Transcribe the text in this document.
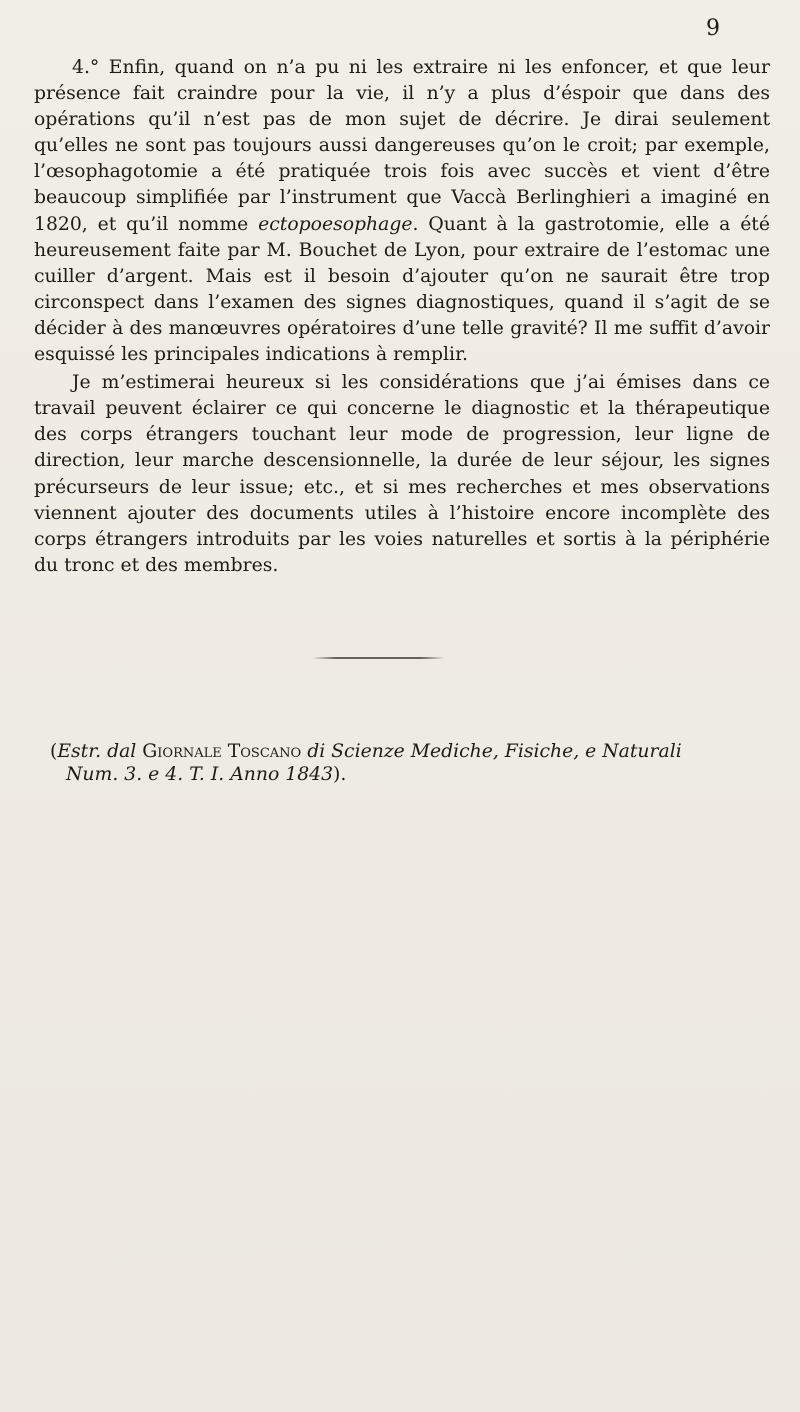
9

4.° Enfin, quand on n’a pu ni les extraire ni les enfoncer, et que leur présence fait craindre pour la vie, il n’y a plus d’éspoir que dans des opérations qu’il n’est pas de mon sujet de décrire. Je dirai seulement qu’elles ne sont pas toujours aussi dangereuses qu’on le croit; par exemple, l’œsophagotomie a été pratiquée trois fois avec succès et vient d’être beaucoup simplifiée par l’instrument que Vaccà Berlinghieri a imaginé en 1820, et qu’il nomme ectopoesophage. Quant à la gastrotomie, elle a été heureusement faite par M. Bouchet de Lyon, pour extraire de l’estomac une cuiller d’argent. Mais est il besoin d’ajouter qu’on ne saurait être trop circonspect dans l’examen des signes diagnostiques, quand il s’agit de se décider à des manœuvres opératoires d’une telle gravité? Il me suffit d’avoir esquissé les principales indications à remplir.

Je m’estimerai heureux si les considérations que j’ai émises dans ce travail peuvent éclairer ce qui concerne le diagnostic et la thérapeutique des corps étrangers touchant leur mode de progression, leur ligne de direction, leur marche descensionnelle, la durée de leur séjour, les signes précurseurs de leur issue; etc., et si mes recherches et mes observations viennent ajouter des documents utiles à l’histoire encore incomplète des corps étrangers introduits par les voies naturelles et sortis à la périphérie du tronc et des membres.

(Estr. dal Giornale Toscano di Scienze Mediche, Fisiche, e Naturali
Num. 3. e 4. T. I. Anno 1843).
